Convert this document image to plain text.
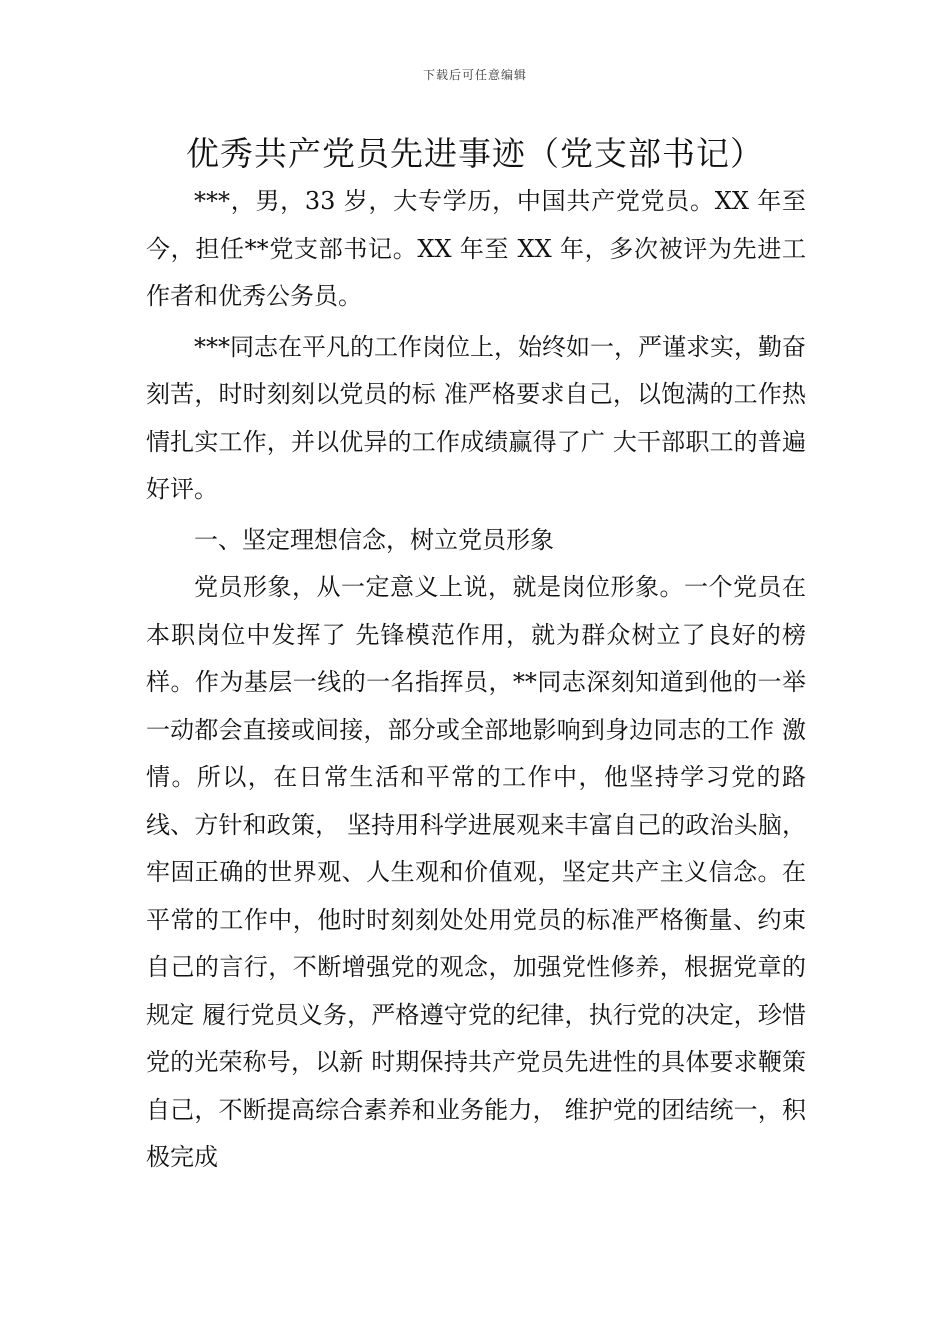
下载后可任意编辑
优秀共产党员先进事迹（党支部书记）

***，男，33 岁，大专学历，中国共产党党员。XX 年至今，担任**党支部书记。XX 年至 XX 年，多次被评为先进工作者和优秀公务员。

***同志在平凡的工作岗位上，始终如一，严谨求实，勤奋刻苦，时时刻刻以党员的标 准严格要求自己，以饱满的工作热情扎实工作，并以优异的工作成绩赢得了广 大干部职工的普遍好评。

一、坚定理想信念，树立党员形象

党员形象，从一定意义上说，就是岗位形象。一个党员在本职岗位中发挥了 先锋模范作用，就为群众树立了良好的榜样。作为基层一线的一名指挥员，**同志深刻知道到他的一举一动都会直接或间接，部分或全部地影响到身边同志的工作 激情。所以，在日常生活和平常的工作中，他坚持学习党的路线、方针和政策， 坚持用科学进展观来丰富自己的政治头脑，牢固正确的世界观、人生观和价值观，坚定共产主义信念。在平常的工作中，他时时刻刻处处用党员的标准严格衡量、约束自己的言行，不断增强党的观念，加强党性修养，根据党章的规定 履行党员义务，严格遵守党的纪律，执行党的决定，珍惜党的光荣称号，以新 时期保持共产党员先进性的具体要求鞭策自己，不断提高综合素养和业务能力， 维护党的团结统一，积极完成
